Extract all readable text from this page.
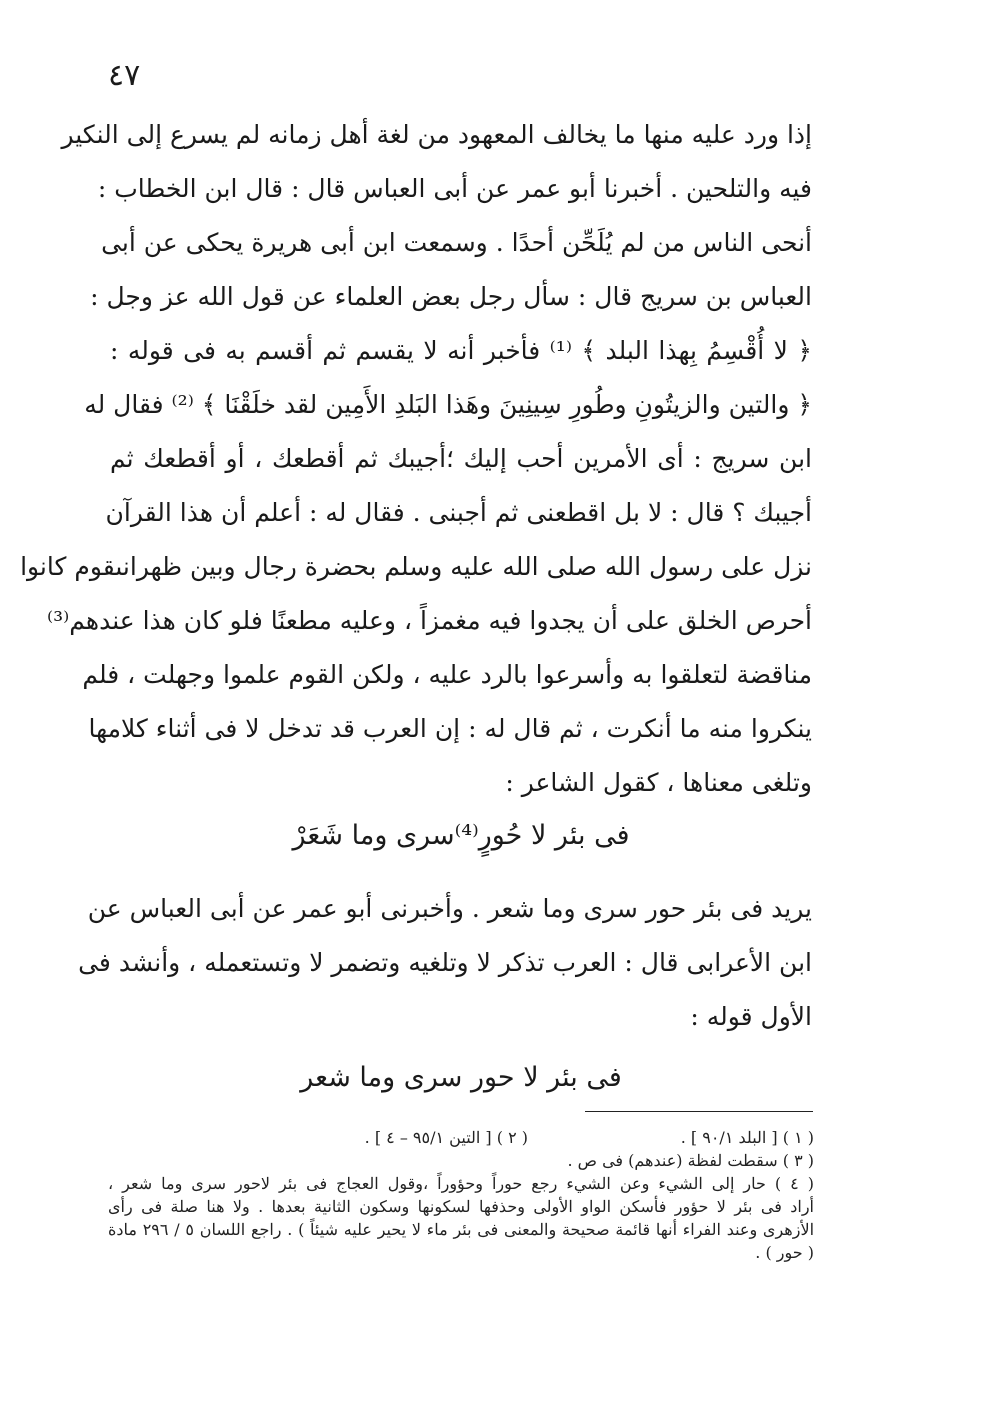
٤٧
إذا ورد عليه منها ما يخالف المعهود من لغة أهل زمانه لم يسرع إلى النكير
فيه والتلحين . أخبرنا أبو عمر عن أبى العباس قال : قال ابن الخطاب :
أنحى الناس من لم يُلَحِّن أحدًا . وسمعت ابن أبى هريرة يحكى عن أبى
العباس بن سريج قال : سأل رجل بعض العلماء عن قول الله عز وجل :
﴿ لا أُقْسِمُ بِهذا البلد ﴾ ⁽¹⁾ فأخبر أنه لا يقسم ثم أقسم به فى قوله :
﴿ والتين والزيتُونِ وطُورِ سِينِينَ وهَذا البَلدِ الأَمِين لقد خلَقْنَا ﴾ ⁽²⁾ فقال له
ابن سريج : أى الأمرين أحب إليك ؛أجيبك ثم أقطعك ، أو أقطعك ثم
أجيبك ؟ قال : لا بل اقطعنى ثم أجبنى . فقال له : أعلم أن هذا القرآن
نزل على رسول الله صلى الله عليه وسلم بحضرة رجال وبين ظهرانىقوم كانوا
أحرص الخلق على أن يجدوا فيه مغمزاً ، وعليه مطعنًا فلو كان هذا عندهم⁽³⁾
مناقضة لتعلقوا به وأسرعوا بالرد عليه ، ولكن القوم علموا وجهلت ، فلم
ينكروا منه ما أنكرت ، ثم قال له : إن العرب قد تدخل لا فى أثناء كلامها
وتلغى معناها ، كقول الشاعر :
فى بئر لا حُورٍ⁽⁴⁾سرى وما شَعَرْ
يريد فى بئر حور سرى وما شعر . وأخبرنى أبو عمر عن أبى العباس عن
ابن الأعرابى قال : العرب تذكر لا وتلغيه وتضمر لا وتستعمله ، وأنشد فى
الأول قوله :
فى بئر لا حور سرى وما شعر
( ١ ) [ البلد ٩٠/١ ] .
( ٢ ) [ التين ٩٥/١ – ٤ ] .
( ٣ ) سقطت لفظة (عندهم) فى ص .
( ٤ ) حار إلى الشيء وعن الشيء رجع حوراً وحؤوراً ،وقول العجاج فى بئر لاحور سرى وما شعر ،
أراد فى بئر لا حؤور فأسكن الواو الأولى وحذفها لسكونها وسكون الثانية بعدها . ولا هنا صلة فى رأى
الأزهرى وعند الفراء أنها قائمة صحيحة والمعنى فى بئر ماء لا يحير عليه شيئاً ) . راجع اللسان ٥ / ٢٩٦ مادة
( حور ) .
